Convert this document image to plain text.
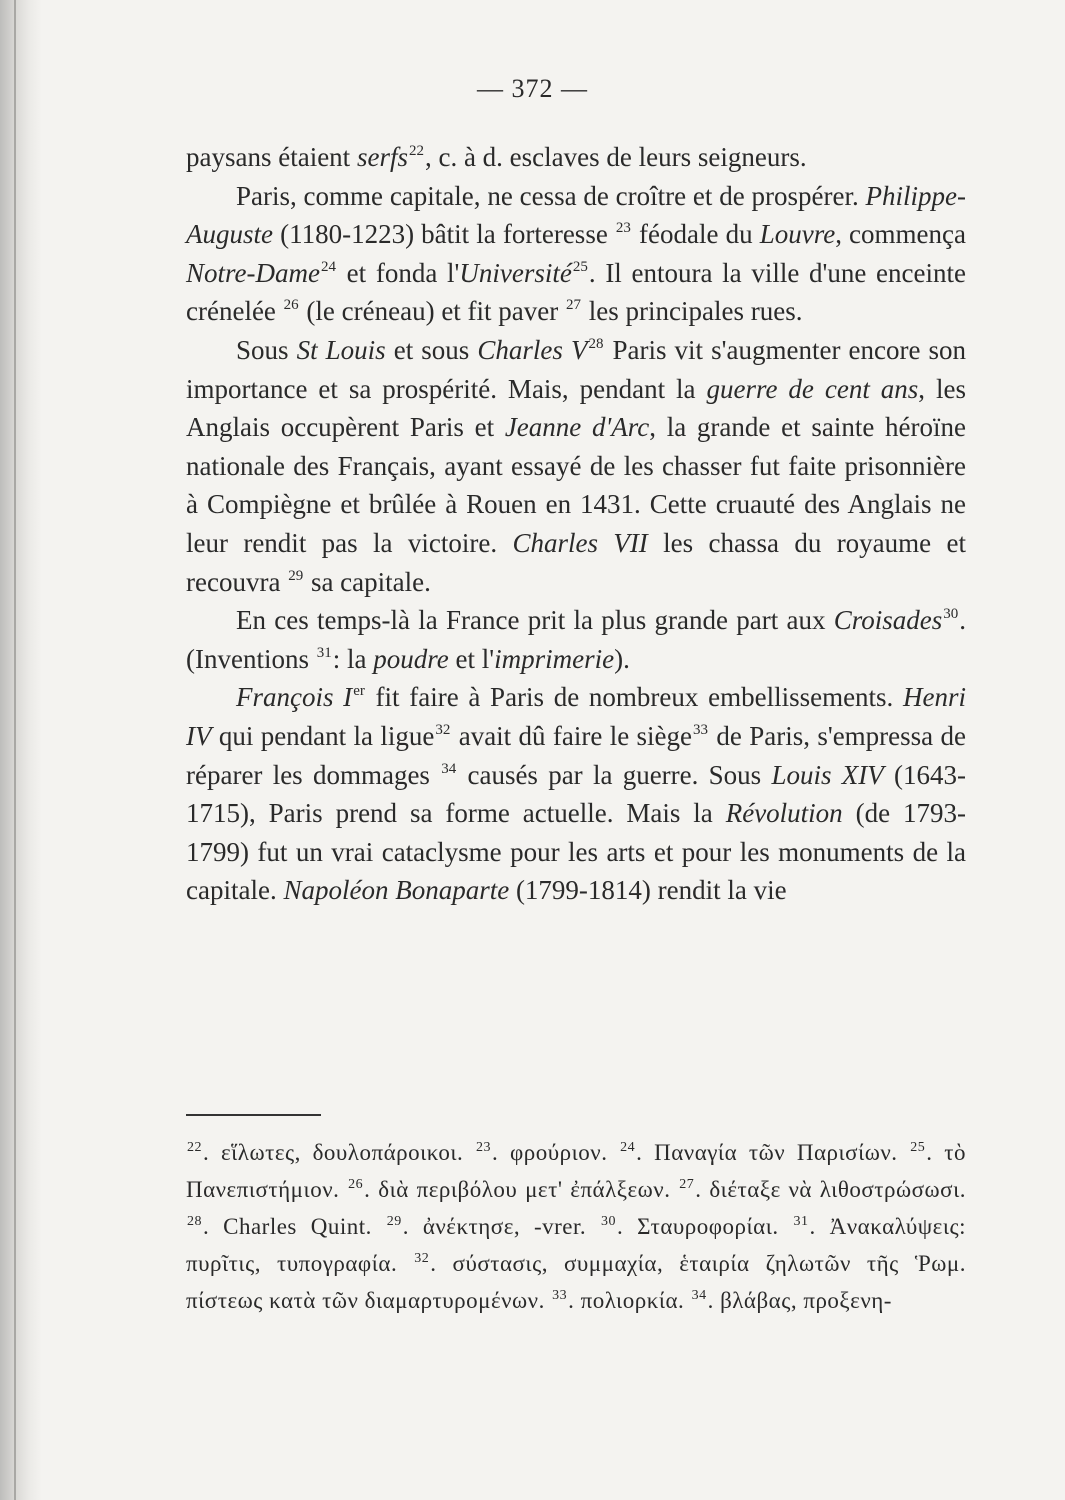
— 372 —

paysans étaient serfs$^{22}$, c. à d. esclaves de leurs seigneurs.

Paris, comme capitale, ne cessa de croître et de prospérer. Philippe-Auguste (1180-1223) bâtit la forteresse $^{23}$ féodale du Louvre, commença Notre-Dame$^{24}$ et fonda l'Université$^{25}$. Il entoura la ville d'une enceinte crénelée $^{26}$ (le créneau) et fit paver $^{27}$ les principales rues.

Sous St Louis et sous Charles $V^{28}$ Paris vit s'augmenter encore son importance et sa prospérité. Mais, pendant la guerre de cent ans, les Anglais occupèrent Paris et Jeanne d'Arc, la grande et sainte héroïne nationale des Français, ayant essayé de les chasser fut faite prisonnière à Compiègne et brûlée à Rouen en 1431. Cette cruauté des Anglais ne leur rendit pas la victoire. Charles VII les chassa du royaume et recouvra $^{29}$ sa capitale.

En ces temps-là la France prit la plus grande part aux Croisades$^{30}$. (Inventions $^{31}$: la poudre et l'imprimerie).

François Ier fit faire à Paris de nombreux embellissements. Henri IV qui pendant la ligue$^{32}$ avait dû faire le siège$^{33}$ de Paris, s'empressa de réparer les dommages $^{34}$ causés par la guerre. Sous Louis XIV (1643-1715), Paris prend sa forme actuelle. Mais la Révolution (de 1793-1799) fut un vrai cataclysme pour les arts et pour les monuments de la capitale. Napoléon Bonaparte (1799-1814) rendit la vie

$^{22}$. εἵλωτες, δουλοπάροικοι. $^{23}$. φρούριον. $^{24}$. Παναγία τῶν Παρισίων. $^{25}$. τὸ Πανεπιστήμιον. $^{26}$. διὰ περιβόλου μετ' ἐπάλξεων. $^{27}$. διέταξε νὰ λιθοστρώσωσι. $^{28}$. Charles Quint. $^{29}$. ἀνέκτησε, -vrer. $^{30}$. Σταυροφορίαι. $^{31}$. Ἀνακαλύψεις: πυρῖτις, τυπογραφία. $^{32}$. σύστασις, συμμαχία, ἑταιρία ζηλωτῶν τῆς Ῥωμ. πίστεως κατὰ τῶν διαμαρτυρομένων. $^{33}$. πολιορκία. $^{34}$. βλάβας, προξενη-
